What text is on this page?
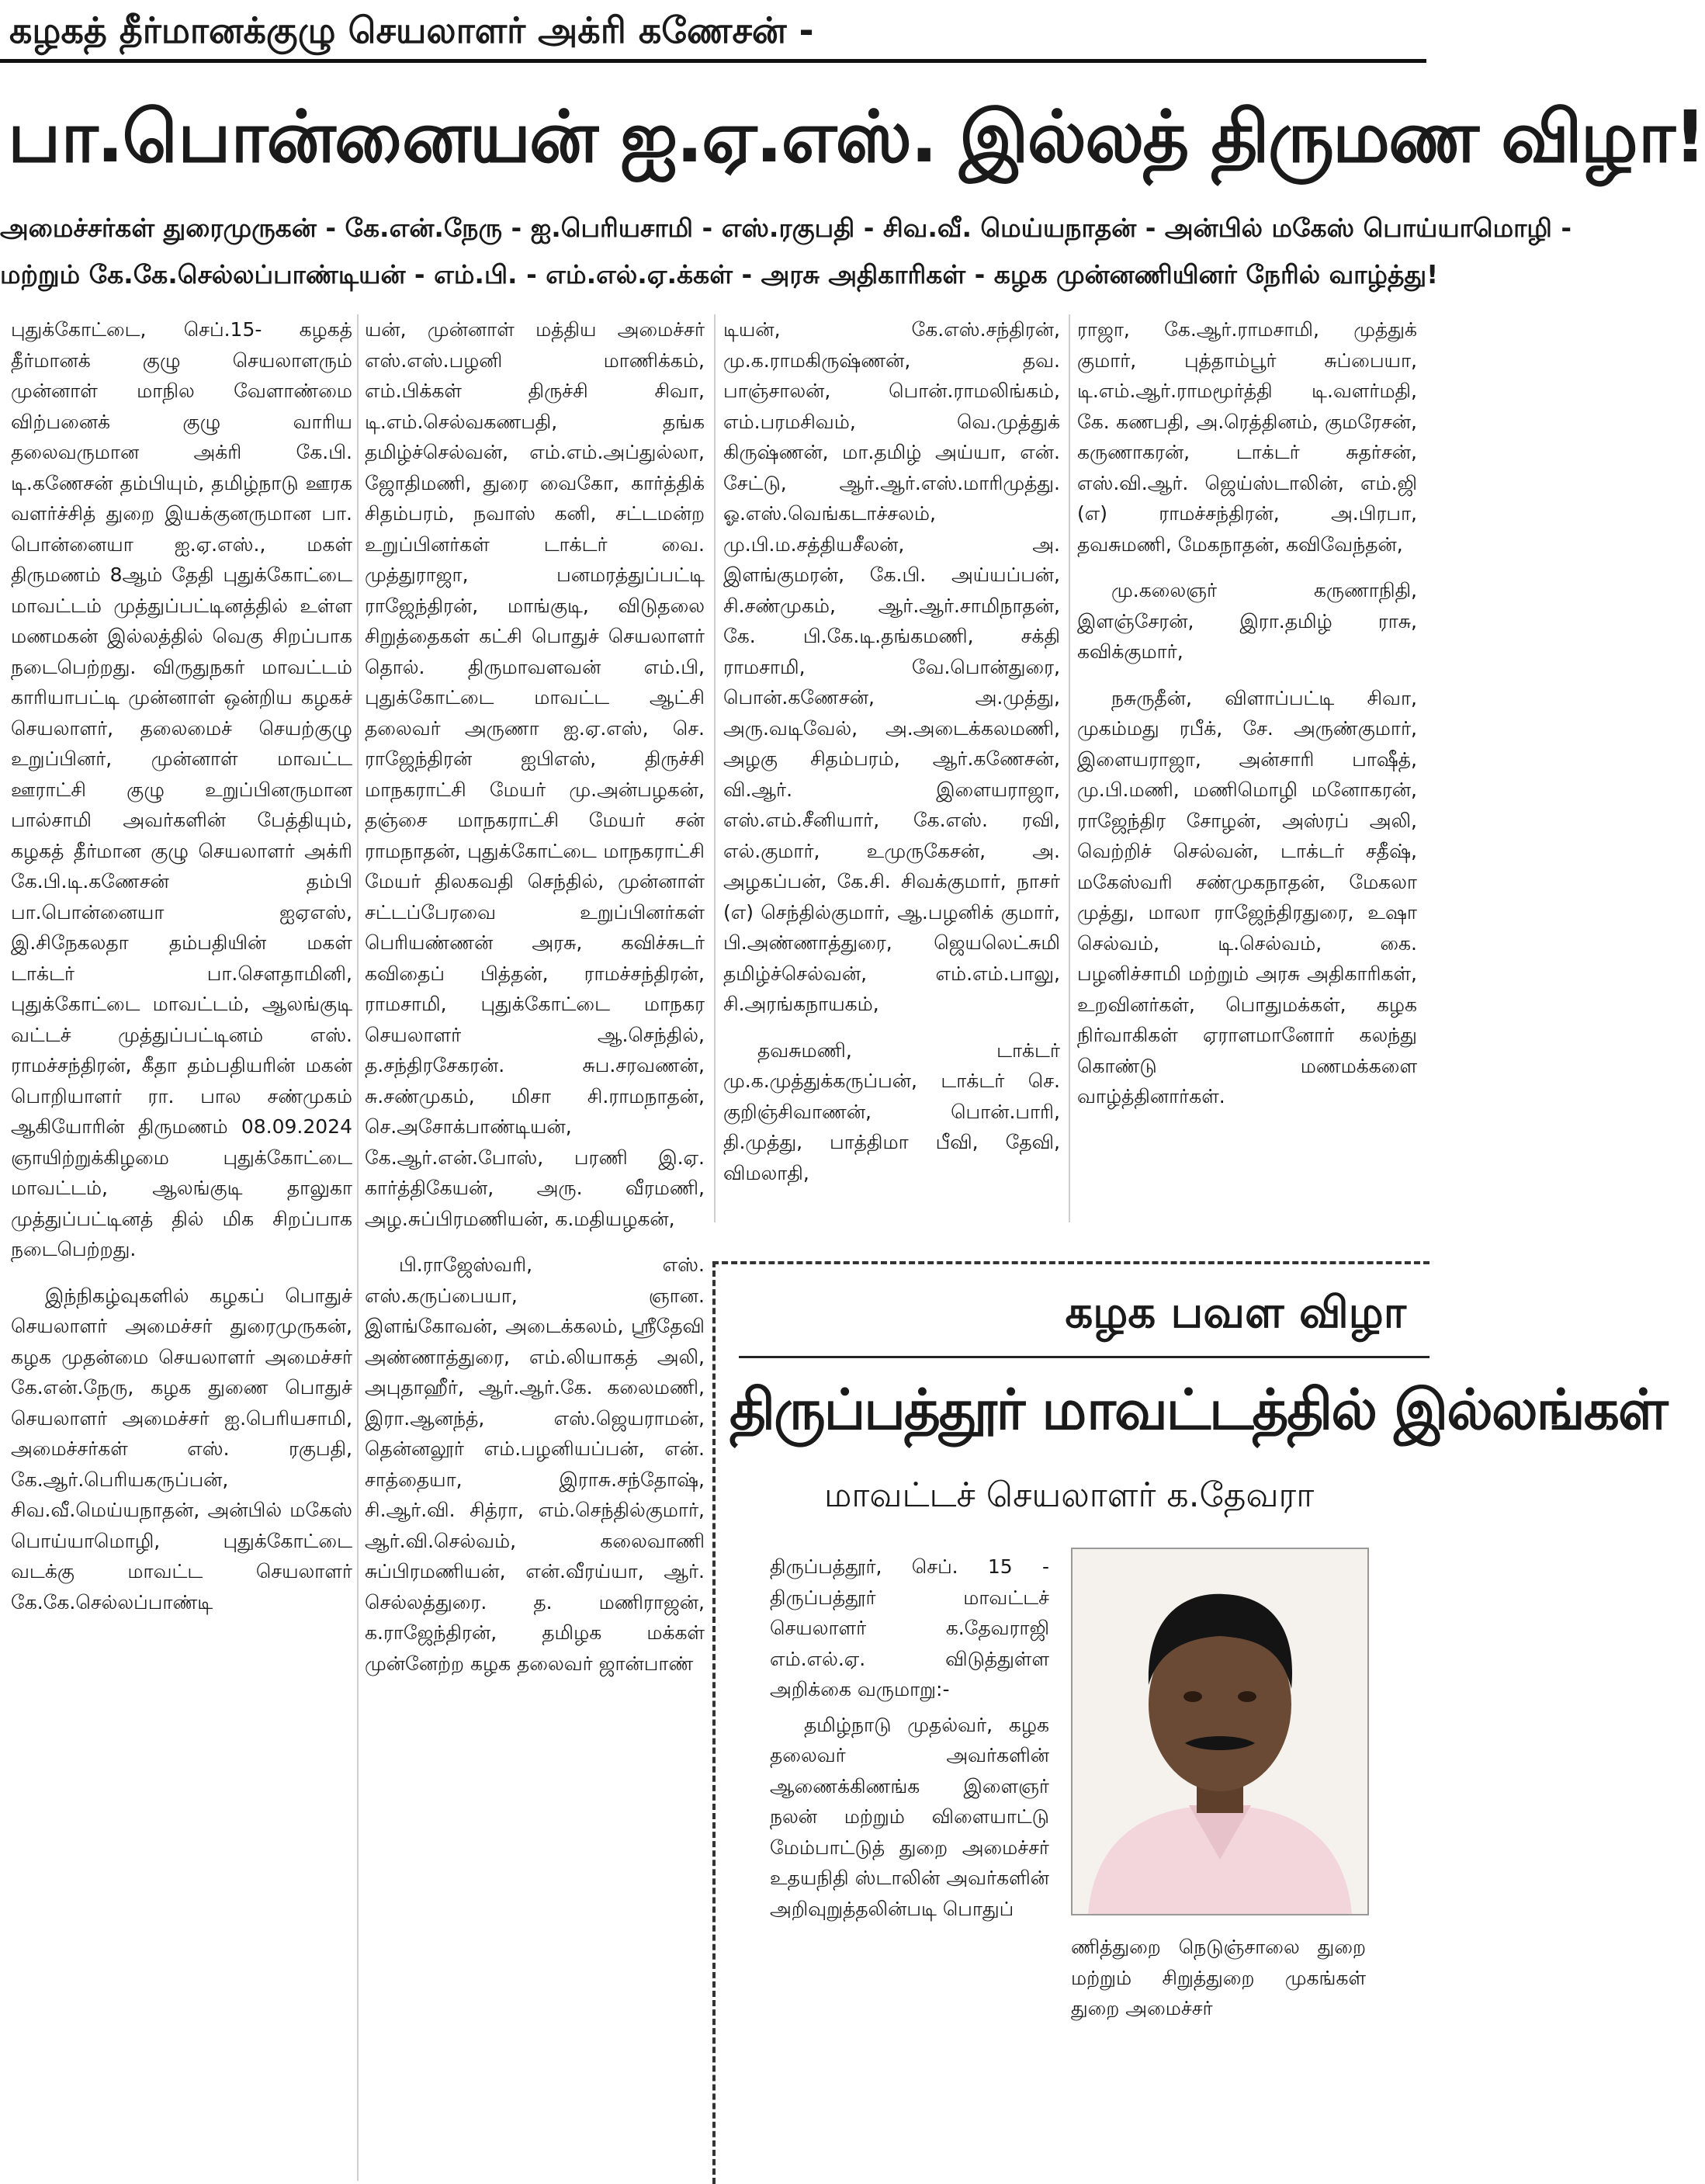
கழகத் தீர்மானக்குழு செயலாளர் அக்ரி கணேசன் -
பா.பொன்னையன் ஐ.ஏ.எஸ். இல்லத் திருமண விழா!
அமைச்சர்கள் துரைமுருகன் - கே.என்.நேரு - ஐ.பெரியசாமி - எஸ்.ரகுபதி - சிவ.வீ. மெய்யநாதன் - அன்பில் மகேஸ் பொய்யாமொழி -
மற்றும் கே.கே.செல்லப்பாண்டியன் - எம்.பி. - எம்.எல்.ஏ.க்கள் - அரசு அதிகாரிகள் - கழக முன்னணியினர் நேரில் வாழ்த்து!

புதுக்கோட்டை, செப்.15- கழகத் தீர்மானக் குழு செயலாளரும் முன்னாள் மாநில வேளாண்மை விற்பனைக் குழு வாரிய தலைவருமான அக்ரி கே.பி. டி.கணேசன் தம்பியும், தமிழ்நாடு ஊரக வளர்ச்சித் துறை இயக்குனருமான பா. பொன்னையா ஐ.ஏ.எஸ்., மகள் திருமணம் 8ஆம் தேதி புதுக்கோட்டை மாவட்டம் முத்துப்பட்டினத்தில் உள்ள மணமகன் இல்லத்தில் வெகு சிறப்பாக நடைபெற்றது. விருதுநகர் மாவட்டம் காரியாபட்டி முன்னாள் ஒன்றிய கழகச் செயலாளர், தலைமைச் செயற்குழு உறுப்பினர், முன்னாள் மாவட்ட ஊராட்சி குழு உறுப்பினருமான பால்சாமி அவர்களின் பேத்தியும், கழகத் தீர்மான குழு செயலாளர் அக்ரி கே.பி.டி.கணேசன் தம்பி பா.பொன்னையா ஐஏஎஸ், இ.சிநேகலதா தம்பதியின் மகள் டாக்டர் பா.சௌதாமினி, புதுக்கோட்டை மாவட்டம், ஆலங்குடி வட்டச் முத்துப்பட்டினம் எஸ். ராமச்சந்திரன், கீதா தம்பதியரின் மகன் பொறியாளர் ரா. பால சண்முகம் ஆகியோரின் திருமணம் 08.09.2024 ஞாயிற்றுக்கிழமை புதுக்கோட்டை மாவட்டம், ஆலங்குடி தாலுகா முத்துப்பட்டினத் தில் மிக சிறப்பாக நடைபெற்றது.

இந்நிகழ்வுகளில் கழகப் பொதுச் செயலாளர் அமைச்சர் துரைமுருகன், கழக முதன்மை செயலாளர் அமைச்சர் கே.என்.நேரு, கழக துணை பொதுச் செயலாளர் அமைச்சர் ஐ.பெரியசாமி, அமைச்சர்கள் எஸ். ரகுபதி, கே.ஆர்.பெரியகருப்பன், சிவ.வீ.மெய்யநாதன், அன்பில் மகேஸ் பொய்யாமொழி, புதுக்கோட்டை வடக்கு மாவட்ட செயலாளர் கே.கே.செல்லப்பாண்டி

யன், முன்னாள் மத்திய அமைச்சர் எஸ்.எஸ்.பழனி மாணிக்கம், எம்.பிக்கள் திருச்சி சிவா, டி.எம்.செல்வகணபதி, தங்க தமிழ்ச்செல்வன், எம்.எம்.அப்துல்லா, ஜோதிமணி, துரை வைகோ, கார்த்திக் சிதம்பரம், நவாஸ் கனி, சட்டமன்ற உறுப்பினர்கள் டாக்டர் வை. முத்துராஜா, பனமரத்துப்பட்டி ராஜேந்திரன், மாங்குடி, விடுதலை சிறுத்தைகள் கட்சி பொதுச் செயலாளர் தொல். திருமாவளவன் எம்.பி, புதுக்கோட்டை மாவட்ட ஆட்சி தலைவர் அருணா ஐ.ஏ.எஸ், செ. ராஜேந்திரன் ஐபிஎஸ், திருச்சி மாநகராட்சி மேயர் மு.அன்பழகன், தஞ்சை மாநகராட்சி மேயர் சன் ராமநாதன், புதுக்கோட்டை மாநகராட்சி மேயர் திலகவதி செந்தில், முன்னாள் சட்டப்பேரவை உறுப்பினர்கள் பெரியண்ணன் அரசு, கவிச்சுடர் கவிதைப் பித்தன், ராமச்சந்திரன், ராமசாமி, புதுக்கோட்டை மாநகர செயலாளர் ஆ.செந்தில், த.சந்திரசேகரன். சுப.சரவணன், சு.சண்முகம், மிசா சி.ராமநாதன், செ.அசோக்பாண்டியன், கே.ஆர்.என்.போஸ், பரணி இ.ஏ. கார்த்திகேயன், அரு. வீரமணி, அழ.சுப்பிரமணியன், க.மதியழகன்,

பி.ராஜேஸ்வரி, எஸ். எஸ்.கருப்பையா, ஞான. இளங்கோவன், அடைக்கலம், ஸ்ரீதேவி அண்ணாத்துரை, எம்.லியாகத் அலி, அபுதாஹீர், ஆர்.ஆர்.கே. கலைமணி, இரா.ஆனந்த், எஸ்.ஜெயராமன், தென்னலூர் எம்.பழனியப்பன், என். சாத்தையா, இராசு.சந்தோஷ், சி.ஆர்.வி. சித்ரா, எம்.செந்தில்குமார், ஆர்.வி.செல்வம், கலைவாணி சுப்பிரமணியன், என்.வீரய்யா, ஆர். செல்லத்துரை. த. மணிராஜன், க.ராஜேந்திரன், தமிழக மக்கள் முன்னேற்ற கழக தலைவர் ஜான்பாண்

டியன், கே.எஸ்.சந்திரன், மு.க.ராமகிருஷ்ணன், தவ. பாஞ்சாலன், பொன்.ராமலிங்கம், எம்.பரமசிவம், வெ.முத்துக் கிருஷ்ணன், மா.தமிழ் அய்யா, என். சேட்டு, ஆர்.ஆர்.எஸ்.மாரிமுத்து. ஓ.எஸ்.வெங்கடாச்சலம், மு.பி.ம.சத்தியசீலன், அ. இளங்குமரன், கே.பி. அய்யப்பன், சி.சண்முகம், ஆர்.ஆர்.சாமிநாதன், கே. பி.கே.டி.தங்கமணி, சக்தி ராமசாமி, வே.பொன்துரை, பொன்.கணேசன், அ.முத்து, அரு.வடிவேல், அ.அடைக்கலமணி, அழகு சிதம்பரம், ஆர்.கணேசன், வி.ஆர். இளையராஜா, எஸ்.எம்.சீனியார், கே.எஸ். ரவி, எல்.குமார், உமுருகேசன், அ. அழகப்பன், கே.சி. சிவக்குமார், நாசர் (எ) செந்தில்குமார், ஆ.பழனிக் குமார், பி.அண்ணாத்துரை, ஜெயலெட்சுமி தமிழ்ச்செல்வன், எம்.எம்.பாலு, சி.அரங்கநாயகம்,

தவசுமணி, டாக்டர் மு.க.முத்துக்கருப்பன், டாக்டர் செ. குறிஞ்சிவாணன், பொன்.பாரி, தி.முத்து, பாத்திமா பீவி, தேவி, விமலாதி,

ராஜா, கே.ஆர்.ராமசாமி, முத்துக் குமார், புத்தாம்பூர் சுப்பையா, டி.எம்.ஆர்.ராமமூர்த்தி டி.வளர்மதி, கே. கணபதி, அ.ரெத்தினம், குமரேசன், கருணாகரன், டாக்டர் சுதர்சன், எஸ்.வி.ஆர். ஜெய்ஸ்டாலின், எம்.ஜி (எ) ராமச்சந்திரன், அ.பிரபா, தவசுமணி, மேகநாதன், கவிவேந்தன்,

மு.கலைஞர் கருணாநிதி, இளஞ்சேரன், இரா.தமிழ் ராசு, கவிக்குமார்,

நசுருதீன், விளாப்பட்டி சிவா, முகம்மது ரபீக், சே. அருண்குமார், இளையராஜா, அன்சாரி பாஷீத், மு.பி.மணி, மணிமொழி மனோகரன், ராஜேந்திர சோழன், அஸ்ரப் அலி, வெற்றிச் செல்வன், டாக்டர் சதீஷ், மகேஸ்வரி சண்முகநாதன், மேகலா முத்து, மாலா ராஜேந்திரதுரை, உஷா செல்வம், டி.செல்வம், கை. பழனிச்சாமி மற்றும் அரசு அதிகாரிகள், உறவினர்கள், பொதுமக்கள், கழக நிர்வாகிகள் ஏராளமானோர் கலந்து கொண்டு மணமக்களை வாழ்த்தினார்கள்.

கழக பவள விழா
திருப்பத்தூர் மாவட்டத்தில் இல்லங்கள்
மாவட்டச் செயலாளர் க.தேவரா

திருப்பத்தூர், செப். 15 - திருப்பத்தூர் மாவட்டச் செயலாளர் க.தேவராஜி எம்.எல்.ஏ. விடுத்துள்ள அறிக்கை வருமாறு:-

தமிழ்நாடு முதல்வர், கழக தலைவர் அவர்களின் ஆணைக்கிணங்க இளைஞர் நலன் மற்றும் விளையாட்டு மேம்பாட்டுத் துறை அமைச்சர் உதயநிதி ஸ்டாலின் அவர்களின் அறிவுறுத்தலின்படி பொதுப்

ணித்துறை நெடுஞ்சாலை துறை மற்றும் சிறுத்துறை முகங்கள் துறை அமைச்சர்
